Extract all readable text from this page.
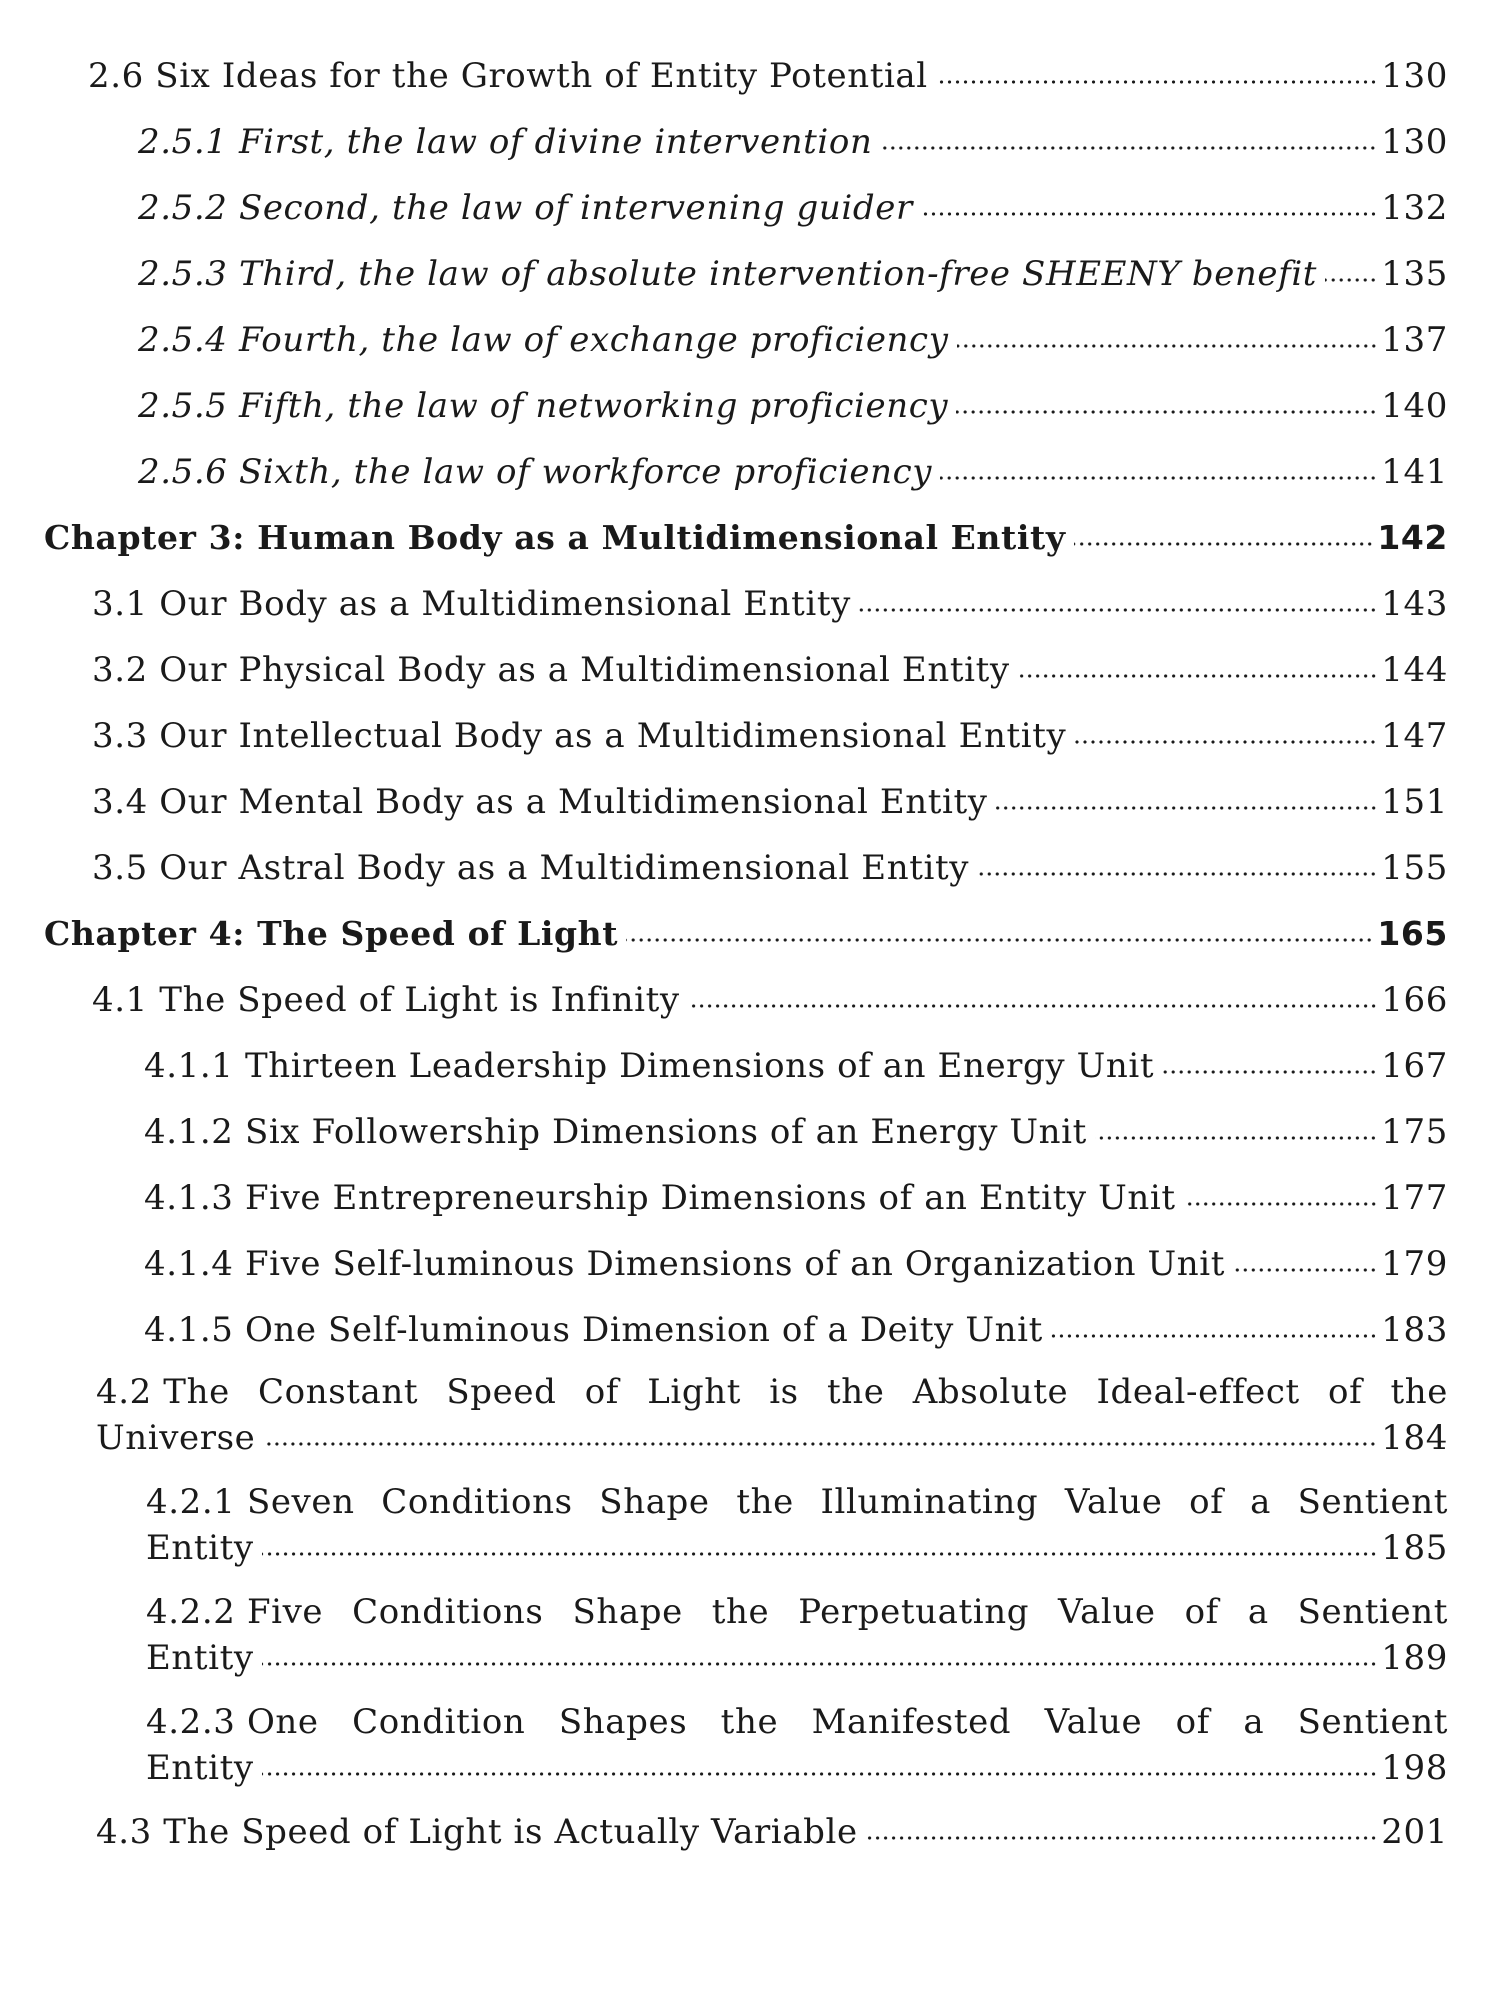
2.6 Six Ideas for the Growth of Entity Potential	130
2.5.1 First, the law of divine intervention	130
2.5.2 Second, the law of intervening guider	132
2.5.3 Third, the law of absolute intervention-free SHEENY benefit 135
2.5.4 Fourth, the law of exchange proficiency	137
2.5.5 Fifth, the law of networking proficiency	140
2.5.6 Sixth, the law of workforce proficiency	141
Chapter 3: Human Body as a Multidimensional Entity	142
3.1 Our Body as a Multidimensional Entity	143
3.2 Our Physical Body as a Multidimensional Entity	144
3.3 Our Intellectual Body as a Multidimensional Entity	147
3.4 Our Mental Body as a Multidimensional Entity	151
3.5 Our Astral Body as a Multidimensional Entity	155
Chapter 4: The Speed of Light	165
4.1 The Speed of Light is Infinity	166
4.1.1 Thirteen Leadership Dimensions of an Energy Unit	167
4.1.2 Six Followership Dimensions of an Energy Unit	175
4.1.3 Five Entrepreneurship Dimensions of an Entity Unit	177
4.1.4 Five Self-luminous Dimensions of an Organization Unit	179
4.1.5 One Self-luminous Dimension of a Deity Unit	183
4.2
The Constant Speed of Light is the Absolute Ideal-effect of the
Universe	184
4.2.1
Seven Conditions Shape the Illuminating Value of a Sentient
Entity	185
4.2.2
Five Conditions Shape the Perpetuating Value of a Sentient
Entity	189
4.2.3
One Condition Shapes the Manifested Value of a Sentient
Entity	198
4.3 The Speed of Light is Actually Variable	201
